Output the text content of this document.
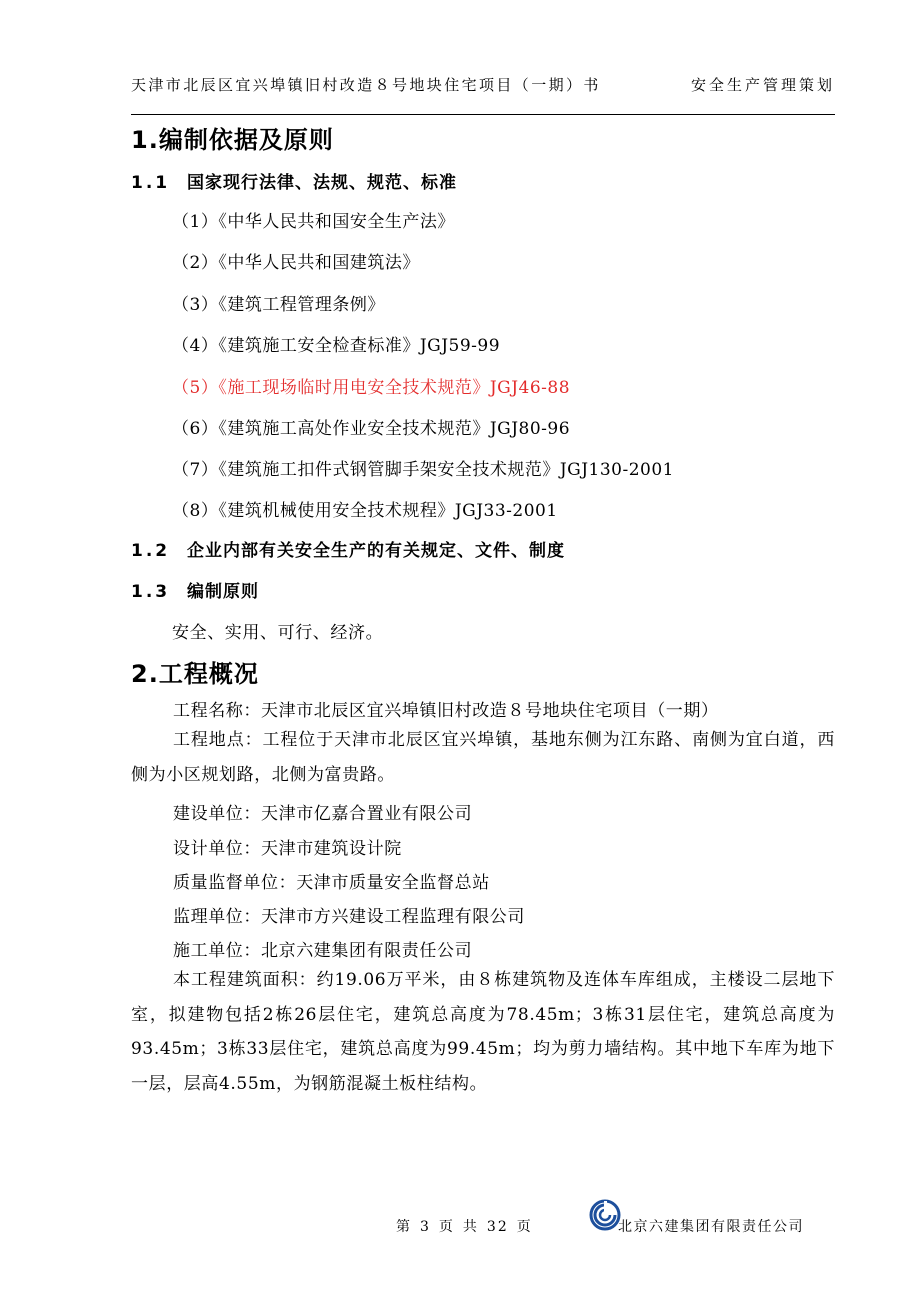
天津市北辰区宜兴埠镇旧村改造８号地块住宅项目（一期）书	安全生产管理策划
1.编制依据及原则
1.1 国家现行法律、法规、规范、标准
（1）《中华人民共和国安全生产法》
（2）《中华人民共和国建筑法》
（3）《建筑工程管理条例》
（4）《建筑施工安全检查标准》JGJ59-99
（5）《施工现场临时用电安全技术规范》JGJ46-88
（6）《建筑施工高处作业安全技术规范》JGJ80-96
（7）《建筑施工扣件式钢管脚手架安全技术规范》JGJ130-2001
（8）《建筑机械使用安全技术规程》JGJ33-2001
1.2 企业内部有关安全生产的有关规定、文件、制度
1.3 编制原则
安全、实用、可行、经济。
2.工程概况
工程名称：天津市北辰区宜兴埠镇旧村改造８号地块住宅项目（一期）
工程地点：工程位于天津市北辰区宜兴埠镇，基地东侧为江东路、南侧为宜白道，西侧为小区规划路，北侧为富贵路。
建设单位：天津市亿嘉合置业有限公司
设计单位：天津市建筑设计院
质量监督单位：天津市质量安全监督总站
监理单位：天津市方兴建设工程监理有限公司
施工单位：北京六建集团有限责任公司
本工程建筑面积：约19.06万平米，由８栋建筑物及连体车库组成，主楼设二层地下室，拟建物包括2栋26层住宅，建筑总高度为78.45m；3栋31层住宅，建筑总高度为93.45m；3栋33层住宅，建筑总高度为99.45m；均为剪力墙结构。其中地下车库为地下一层，层高4.55m，为钢筋混凝土板柱结构。
第 3 页 共 32 页	北京六建集团有限责任公司
